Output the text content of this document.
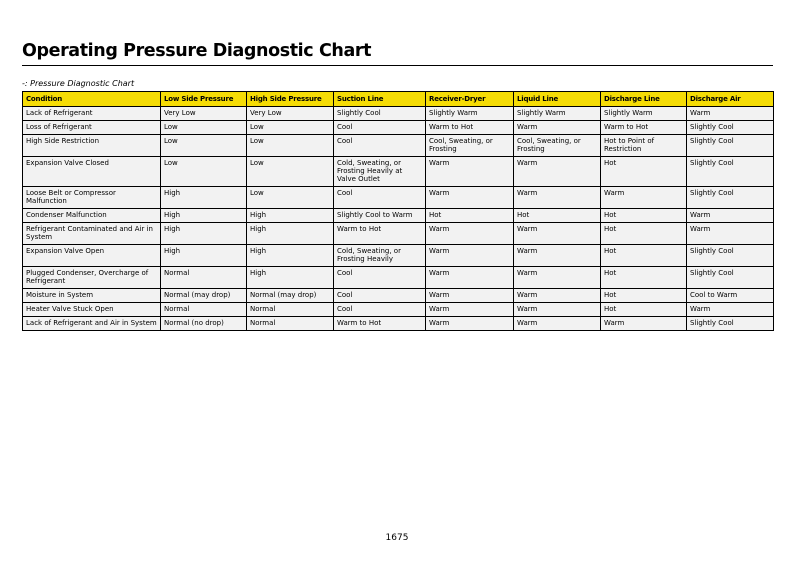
Operating Pressure Diagnostic Chart
-: Pressure Diagnostic Chart
Condition	Low Side Pressure	High Side Pressure	Suction Line	Receiver-Dryer	Liquid Line	Discharge Line	Discharge Air
Lack of Refrigerant	Very Low	Very Low	Slightly Cool	Slightly Warm	Slightly Warm	Slightly Warm	Warm
Loss of Refrigerant	Low	Low	Cool	Warm to Hot	Warm	Warm to Hot	Slightly Cool
High Side Restriction	Low	Low	Cool	Cool, Sweating, or Frosting	Cool, Sweating, or Frosting	Hot to Point of Restriction	Slightly Cool
Expansion Valve Closed	Low	Low	Cold, Sweating, or Frosting Heavily at Valve Outlet	Warm	Warm	Hot	Slightly Cool
Loose Belt or Compressor Malfunction	High	Low	Cool	Warm	Warm	Warm	Slightly Cool
Condenser Malfunction	High	High	Slightly Cool to Warm	Hot	Hot	Hot	Warm
Refrigerant Contaminated and Air in System	High	High	Warm to Hot	Warm	Warm	Hot	Warm
Expansion Valve Open	High	High	Cold, Sweating, or Frosting Heavily	Warm	Warm	Hot	Slightly Cool
Plugged Condenser, Overcharge of Refrigerant	Normal	High	Cool	Warm	Warm	Hot	Slightly Cool
Moisture in System	Normal (may drop)	Normal (may drop)	Cool	Warm	Warm	Hot	Cool to Warm
Heater Valve Stuck Open	Normal	Normal	Cool	Warm	Warm	Hot	Warm
Lack of Refrigerant and Air in System	Normal (no drop)	Normal	Warm to Hot	Warm	Warm	Warm	Slightly Cool
1675
